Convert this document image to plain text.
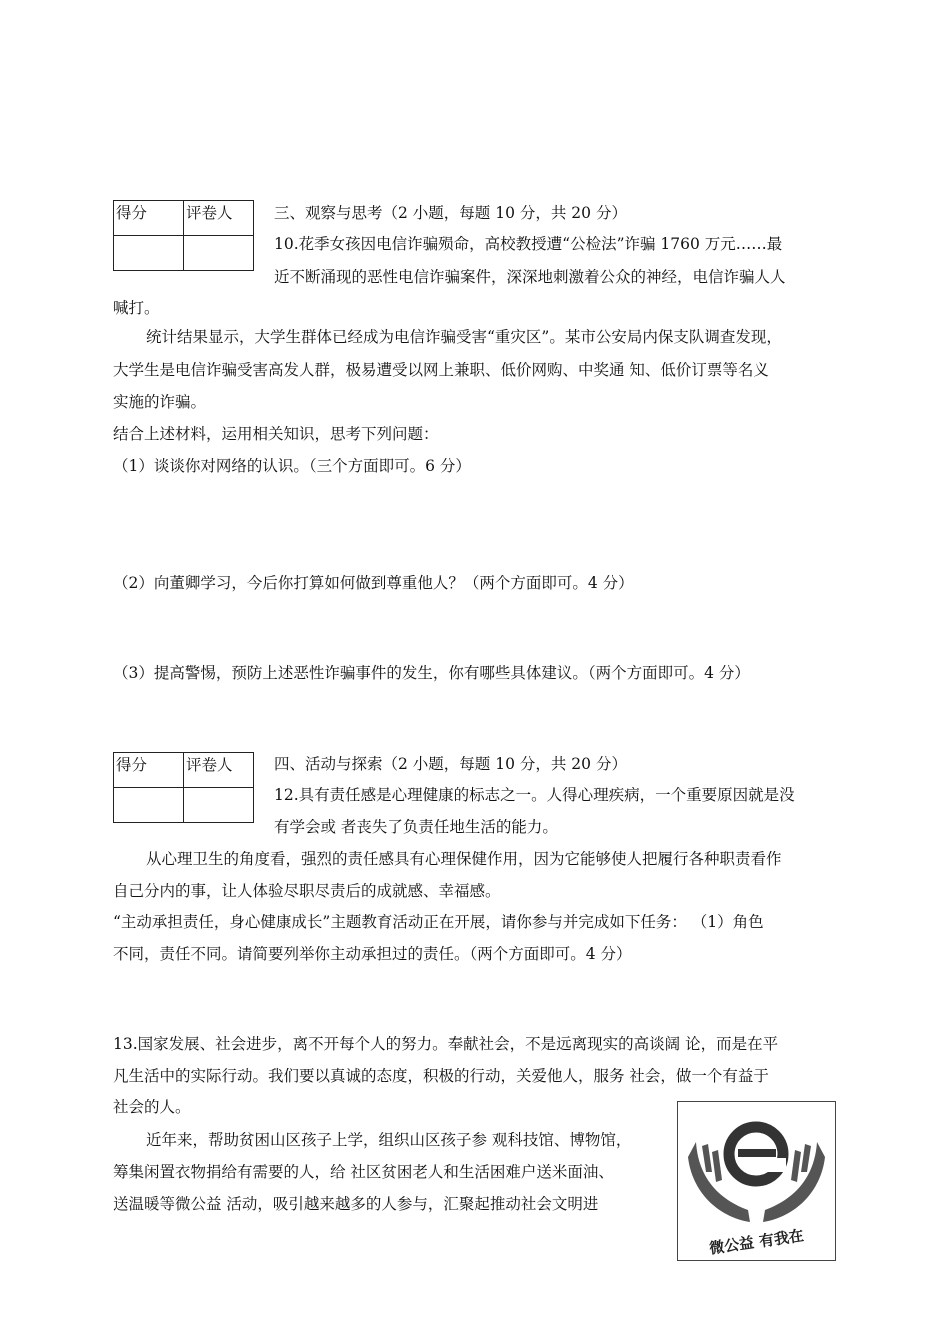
得分	评卷人
		三、观察与思考（2 小题，每题 10 分，共 20 分）
10.花季女孩因电信诈骗殒命，高校教授遭“公检法”诈骗 1760 万元……最
近不断涌现的恶性电信诈骗案件，深深地刺激着公众的神经，电信诈骗人人
喊打。
统计结果显示，大学生群体已经成为电信诈骗受害“重灾区”。某市公安局内保支队调查发现，
大学生是电信诈骗受害高发人群，极易遭受以网上兼职、低价网购、中奖通 知、低价订票等名义
实施的诈骗。
结合上述材料，运用相关知识，思考下列问题：
（1）谈谈你对网络的认识。（三个方面即可。6 分）
（2）向董卿学习，今后你打算如何做到尊重他人？（两个方面即可。4 分）
（3）提高警惕，预防上述恶性诈骗事件的发生，你有哪些具体建议。（两个方面即可。4 分）
得分	评卷人
		四、活动与探索（2 小题，每题 10 分，共 20 分）
12.具有责任感是心理健康的标志之一。人得心理疾病，一个重要原因就是没
有学会或 者丧失了负责任地生活的能力。
从心理卫生的角度看，强烈的责任感具有心理保健作用，因为它能够使人把履行各种职责看作
自己分内的事，让人体验尽职尽责后的成就感、幸福感。
“主动承担责任，身心健康成长”主题教育活动正在开展，请你参与并完成如下任务： （1）角色
不同，责任不同。请简要列举你主动承担过的责任。（两个方面即可。4 分）
13.国家发展、社会进步，离不开每个人的努力。奉献社会，不是远离现实的高谈阔 论，而是在平
凡生活中的实际行动。我们要以真诚的态度，积极的行动，关爱他人，服务 社会，做一个有益于
社会的人。
近年来，帮助贫困山区孩子上学，组织山区孩子参 观科技馆、博物馆，
筹集闲置衣物捐给有需要的人，给 社区贫困老人和生活困难户送米面油、
送温暖等微公益 活动，吸引越来越多的人参与，汇聚起推动社会文明进
微公益 有我在
